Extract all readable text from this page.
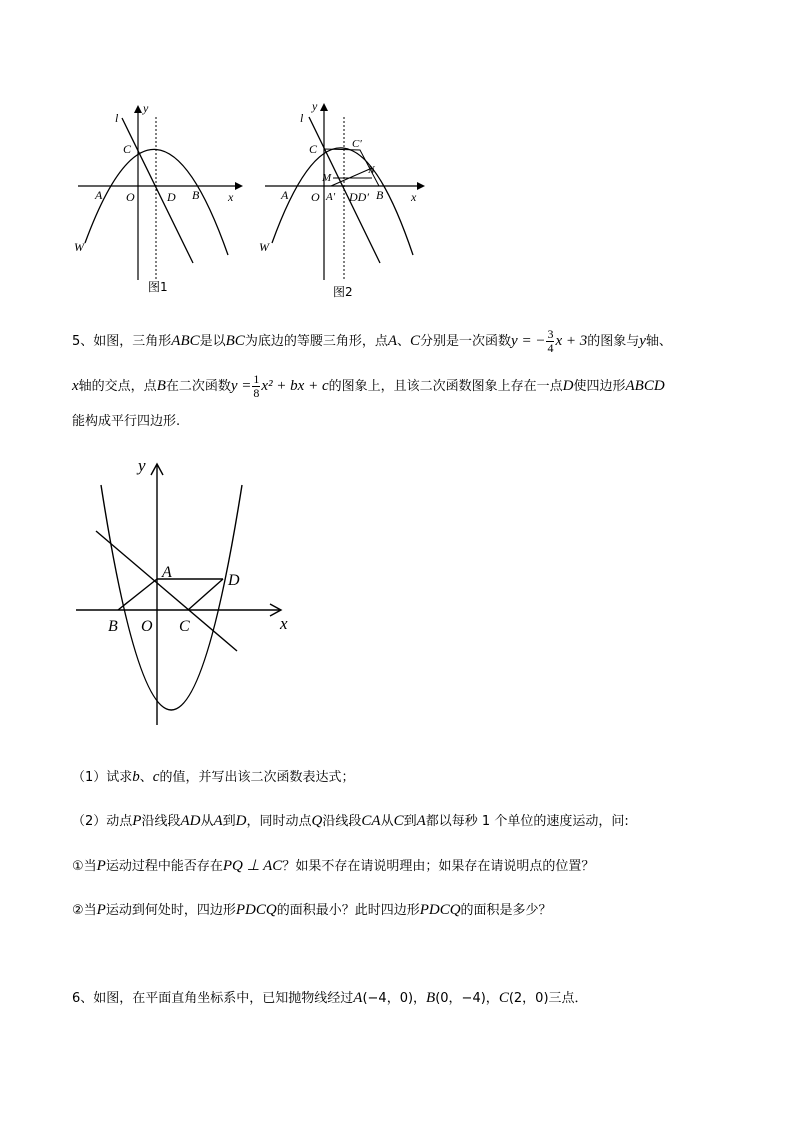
y
l
C
A O	D B x
W
图1
y
l
C	C′
N
M
A O A′ DD′ B x
W
图2
5、如图，三角形ABC是以BC为底边的等腰三角形，点A、C分别是一次函数y = − $\frac{3}{4}$ x + 3的图象与y轴、
x轴的交点，点B在二次函数$y = \frac{1}{8} x^2$ + bx + c的图象上，且该二次函数图象上存在一点D使四边形ABCD
能构成平行四边形.
y
A	D
B O C	x
（1）试求b、c的值，并写出该二次函数表达式；
（2）动点P沿线段AD从A到D，同时动点Q沿线段CA从C到A都以每秒 1 个单位的速度运动，问:
①当P运动过程中能否存在PQ ⊥ AC？如果不存在请说明理由；如果存在请说明点的位置？
②当P运动到何处时，四边形PDCQ的面积最小？此时四边形PDCQ的面积是多少？
6、如图，在平面直角坐标系中，已知抛物线经过A(−4，0)，B(0，−4)，C(2，0)三点．
